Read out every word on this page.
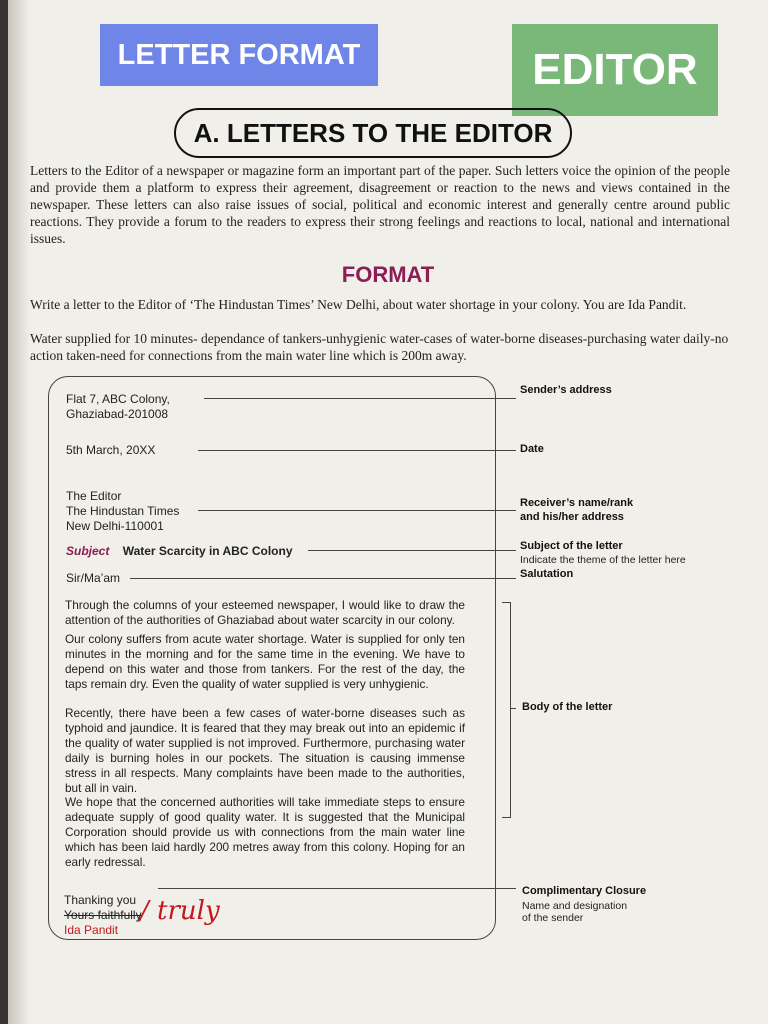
LETTER FORMAT	EDITOR
A. LETTERS TO THE EDITOR

Letters to the Editor of a newspaper or magazine form an important part of the paper. Such letters voice the opinion of the people and provide them a platform to express their agreement, disagreement or reaction to the news and views contained in the newspaper. These letters can also raise issues of social, political and economic interest and generally centre around public reactions. They provide a forum to the readers to express their strong feelings and reactions to local, national and international issues.

FORMAT

Write a letter to the Editor of ‘The Hindustan Times’ New Delhi, about water shortage in your colony. You are Ida Pandit.

Water supplied for 10 minutes- dependance of tankers-unhygienic water-cases of water-borne diseases-purchasing water daily-no action taken-need for connections from the main water line which is 200m away.

Flat 7, ABC Colony,

Ghaziabad-201008

5th March, 20XX

The Editor

The Hindustan Times

New Delhi-110001

Subject Water Scarcity in ABC Colony

Sir/Ma’am

Through the columns of your esteemed newspaper, I would like to draw the attention of the authorities of Ghaziabad about water scarcity in our colony.

Our colony suffers from acute water shortage. Water is supplied for only ten minutes in the morning and for the same time in the evening. We have to depend on this water and those from tankers. For the rest of the day, the taps remain dry. Even the quality of water supplied is very unhygienic.

Recently, there have been a few cases of water-borne diseases such as typhoid and jaundice. It is feared that they may break out into an epidemic if the quality of water supplied is not improved. Furthermore, purchasing water daily is burning holes in our pockets. The situation is causing immense stress in all respects. Many complaints have been made to the authorities, but all in vain.

We hope that the concerned authorities will take immediate steps to ensure adequate supply of good quality water. It is suggested that the Municipal Corporation should provide us with connections from the main water line which has been laid hardly 200 metres away from this colony. Hoping for an early redressal.

Thanking you

Yours faithfully

Ida Pandit

/ truly
Sender’s address
Date
Receiver’s name/rank
and his/her address
Subject of the letter
Indicate the theme of the letter here
Salutation
Body of the letter
Complimentary Closure
Name and designation
of the sender
